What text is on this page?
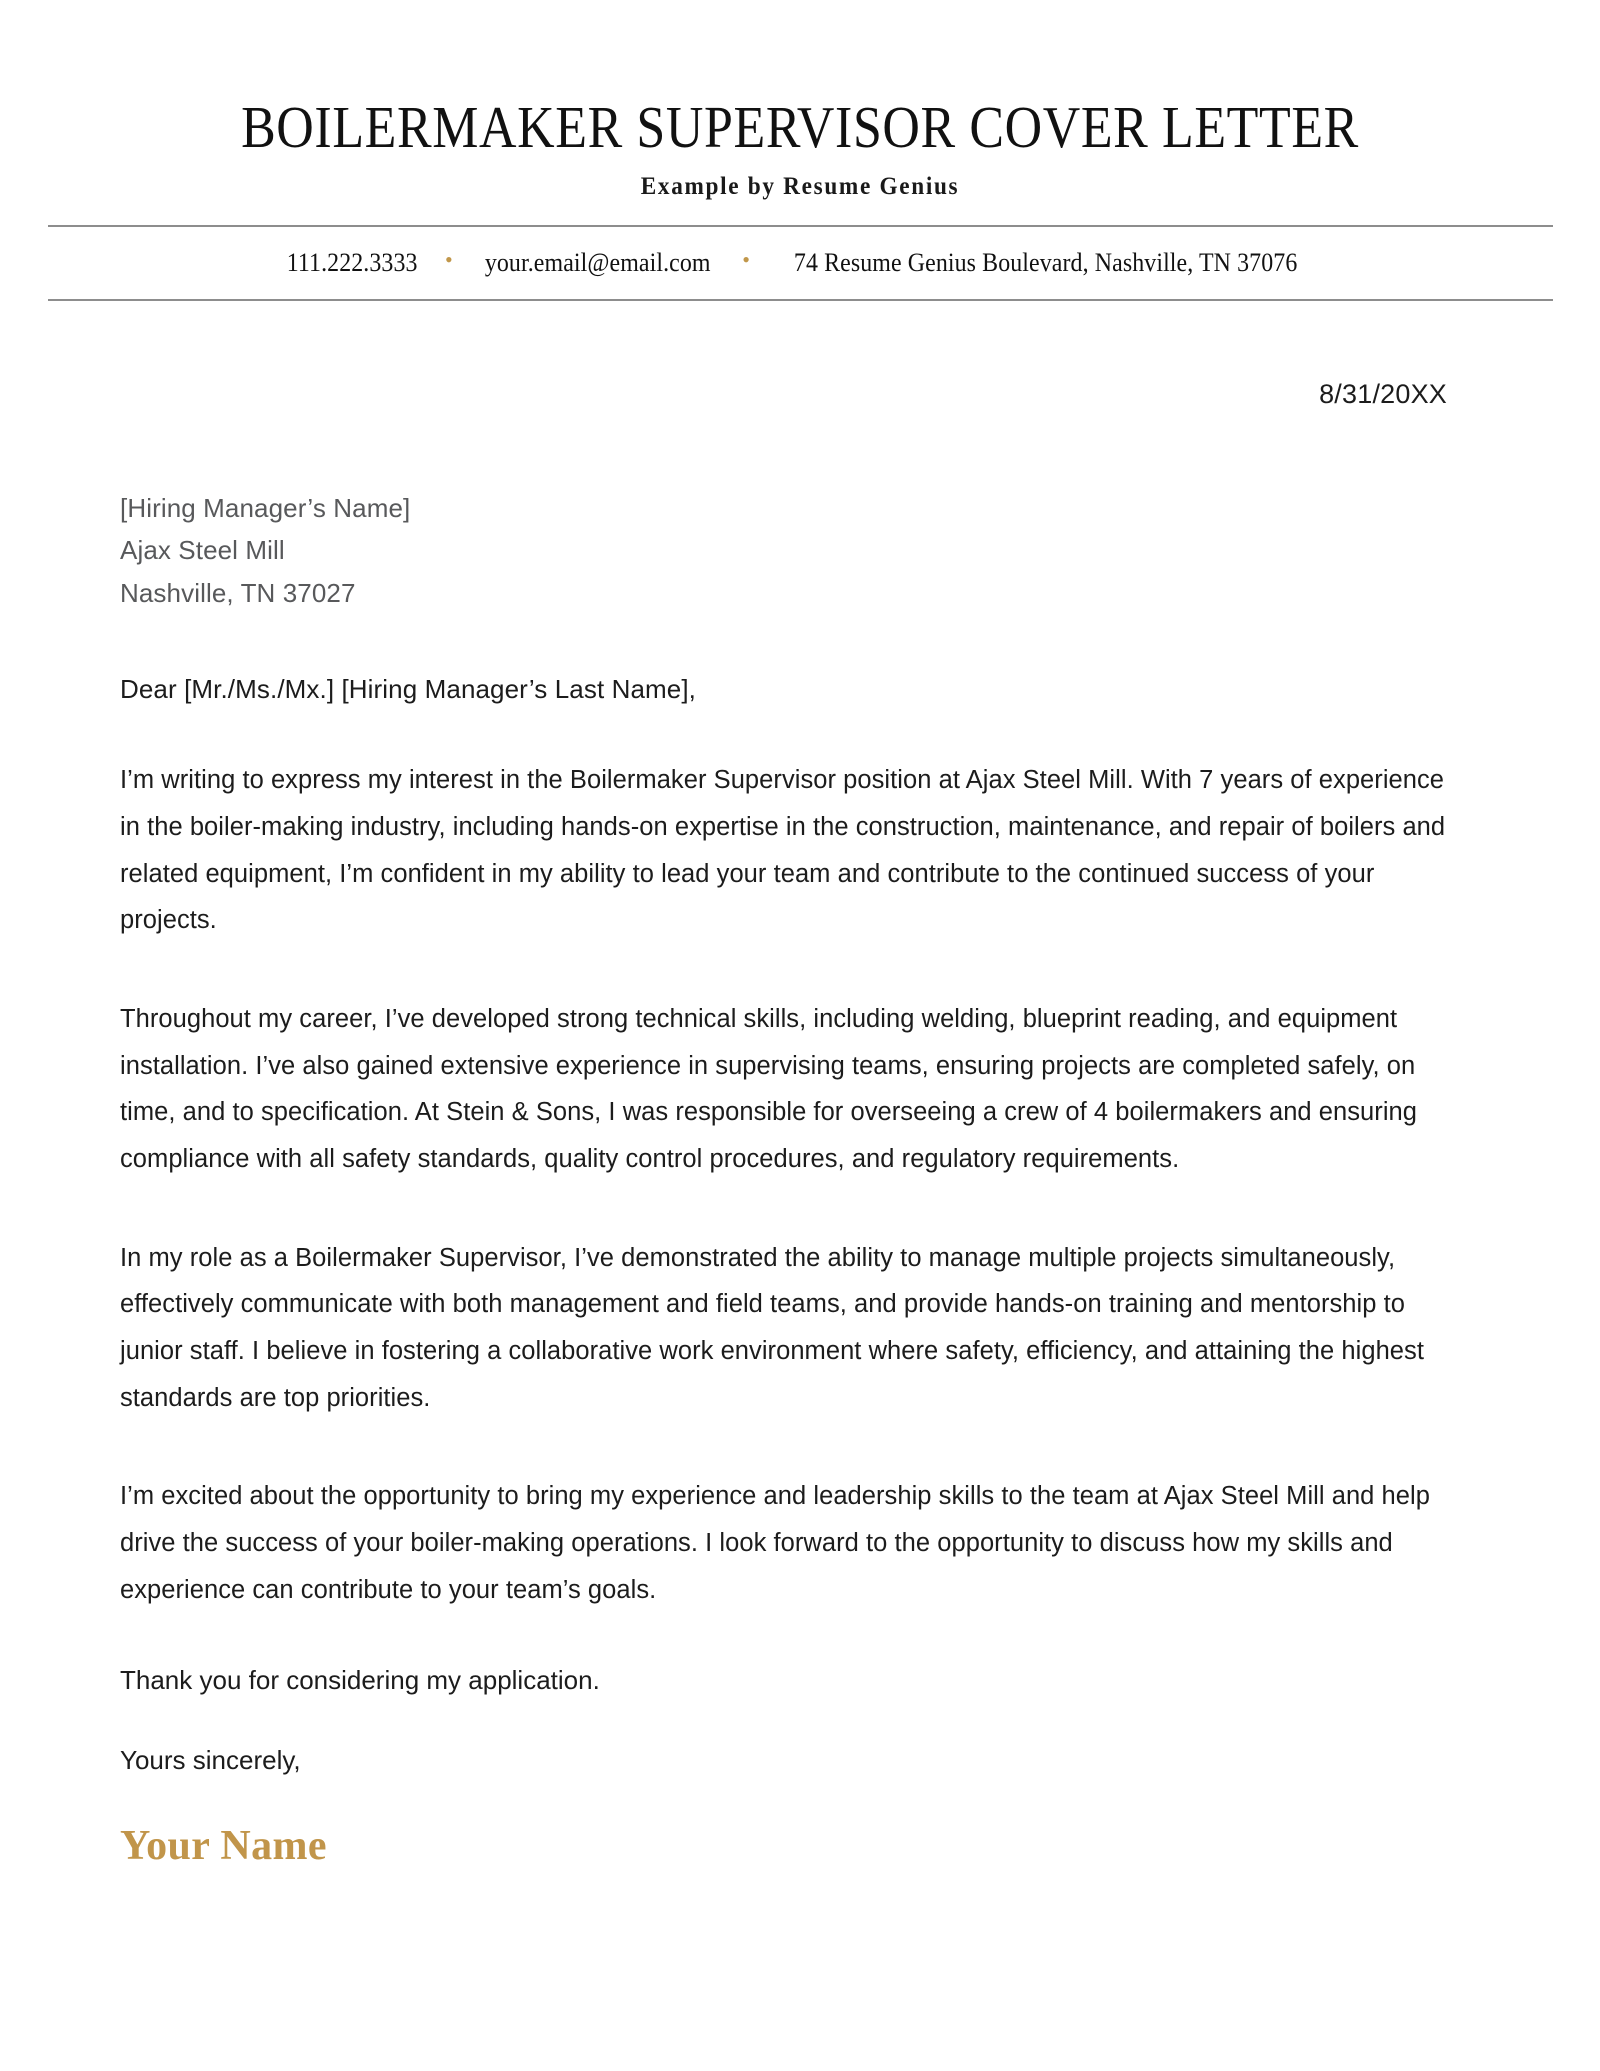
BOILERMAKER SUPERVISOR COVER LETTER
Example by Resume Genius
111.222.3333	•	your.email@email.com	•	74 Resume Genius Boulevard, Nashville, TN 37076
8/31/20XX
[Hiring Manager’s Name]
Ajax Steel Mill
Nashville, TN 37027
Dear [Mr./Ms./Mx.] [Hiring Manager’s Last Name],

I’m writing to express my interest in the Boilermaker Supervisor position at Ajax Steel Mill. With 7 years of experience in the boiler-making industry, including hands-on expertise in the construction, maintenance, and repair of boilers and related equipment, I’m confident in my ability to lead your team and contribute to the continued success of your projects.

Throughout my career, I’ve developed strong technical skills, including welding, blueprint reading, and equipment installation. I’ve also gained extensive experience in supervising teams, ensuring projects are completed safely, on time, and to specification. At Stein & Sons, I was responsible for overseeing a crew of 4 boilermakers and ensuring compliance with all safety standards, quality control procedures, and regulatory requirements.

In my role as a Boilermaker Supervisor, I’ve demonstrated the ability to manage multiple projects simultaneously, effectively communicate with both management and field teams, and provide hands-on training and mentorship to junior staff. I believe in fostering a collaborative work environment where safety, efficiency, and attaining the highest standards are top priorities.

I’m excited about the opportunity to bring my experience and leadership skills to the team at Ajax Steel Mill and help drive the success of your boiler-making operations. I look forward to the opportunity to discuss how my skills and experience can contribute to your team’s goals.

Thank you for considering my application.
Yours sincerely,
Your Name
